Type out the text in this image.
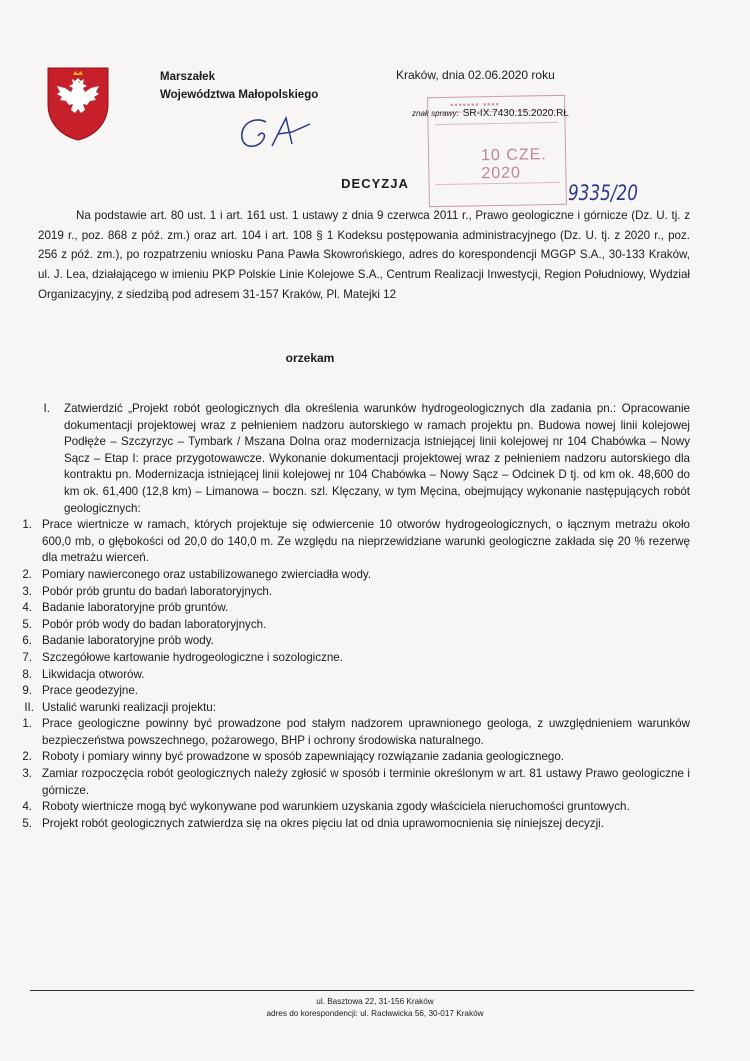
Marszałek
Województwa Małopolskiego
Kraków, dnia 02.06.2020 roku
▪▪▪▪▪▪▪ ▪▪▪▪
10 CZE. 2020
znak sprawy: SR-IX.7430.15.2020.RŁ
9335/20
DECYZJA
Na podstawie art. 80 ust. 1 i art. 161 ust. 1 ustawy z dnia 9 czerwca 2011 r., Prawo geologiczne i górnicze (Dz. U. tj. z 2019 r., poz. 868 z póź. zm.) oraz art. 104 i art. 108 § 1 Kodeksu postępowania administracyjnego (Dz. U. tj. z 2020 r., poz. 256 z póź. zm.), po rozpatrzeniu wniosku Pana Pawła Skowrońskiego, adres do korespondencji MGGP S.A., 30-133 Kraków, ul. J. Lea, działającego w imieniu PKP Polskie Linie Kolejowe S.A., Centrum Realizacji Inwestycji, Region Południowy, Wydział Organizacyjny, z siedzibą pod adresem 31-157 Kraków, Pl. Matejki 12
orzekam
I. Zatwierdzić „Projekt robót geologicznych dla określenia warunków hydrogeologicznych dla zadania pn.: Opracowanie dokumentacji projektowej wraz z pełnieniem nadzoru autorskiego w ramach projektu pn. Budowa nowej linii kolejowej Podłęże – Szczyrzyc – Tymbark / Mszana Dolna oraz modernizacja istniejącej linii kolejowej nr 104 Chabówka – Nowy Sącz – Etap I: prace przygotowawcze. Wykonanie dokumentacji projektowej wraz z pełnieniem nadzoru autorskiego dla kontraktu pn. Modernizacja istniejącej linii kolejowej nr 104 Chabówka – Nowy Sącz – Odcinek D tj. od km ok. 48,600 do km ok. 61,400 (12,8 km) – Limanowa – boczn. szl. Klęczany, w tym Męcina, obejmujący wykonanie następujących robót geologicznych:
1. Prace wiertnicze w ramach, których projektuje się odwiercenie 10 otworów hydrogeologicznych, o łącznym metrażu około 600,0 mb, o głębokości od 20,0 do 140,0 m. Ze względu na nieprzewidziane warunki geologiczne zakłada się 20 % rezerwę dla metrażu wierceń.
2. Pomiary nawierconego oraz ustabilizowanego zwierciadła wody.
3. Pobór prób gruntu do badań laboratoryjnych.
4. Badanie laboratoryjne prób gruntów.
5. Pobór prób wody do badan laboratoryjnych.
6. Badanie laboratoryjne prób wody.
7. Szczegółowe kartowanie hydrogeologiczne i sozologiczne.
8. Likwidacja otworów.
9. Prace geodezyjne.
II. Ustalić warunki realizacji projektu:
1. Prace geologiczne powinny być prowadzone pod stałym nadzorem uprawnionego geologa, z uwzględnieniem warunków bezpieczeństwa powszechnego, pożarowego, BHP i ochrony środowiska naturalnego.
2. Roboty i pomiary winny być prowadzone w sposób zapewniający rozwiązanie zadania geologicznego.
3. Zamiar rozpoczęcia robót geologicznych należy zgłosić w sposób i terminie określonym w art. 81 ustawy Prawo geologiczne i górnicze.
4. Roboty wiertnicze mogą być wykonywane pod warunkiem uzyskania zgody właściciela nieruchomości gruntowych.
5. Projekt robót geologicznych zatwierdza się na okres pięciu lat od dnia uprawomocnienia się niniejszej decyzji.
ul. Basztowa 22, 31-156 Kraków
adres do korespondencji: ul. Racławicka 56, 30-017 Kraków
